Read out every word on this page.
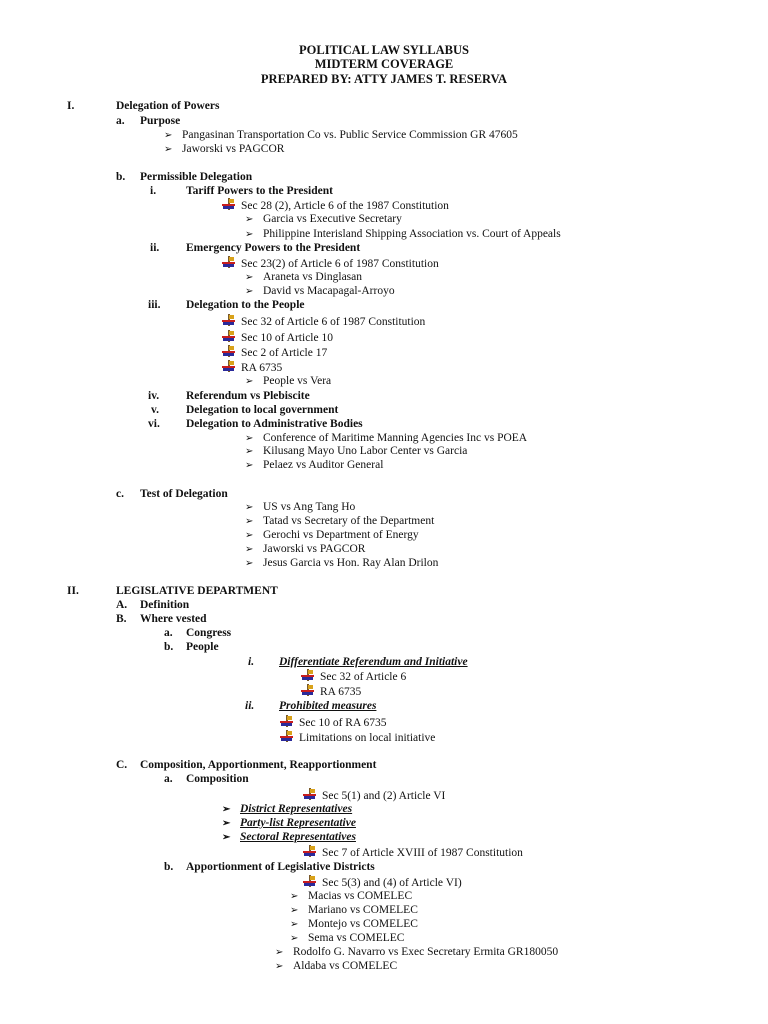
POLITICAL LAW SYLLABUS
MIDTERM COVERAGE
PREPARED BY: ATTY JAMES T. RESERVA
I.	Delegation of Powers
a. Purpose
➢ Pangasinan Transportation Co vs. Public Service Commission GR 47605
➢ Jaworski vs PAGCOR
b. Permissible Delegation
i.	Tariff Powers to the President
Sec 28 (2), Article 6 of the 1987 Constitution
➢ Garcia vs Executive Secretary
➢ Philippine Interisland Shipping Association vs. Court of Appeals
ii. Emergency Powers to the President
Sec 23(2) of Article 6 of 1987 Constitution
➢ Araneta vs Dinglasan
➢ David vs Macapagal-Arroyo
iii. Delegation to the People
Sec 32 of Article 6 of 1987 Constitution
Sec 10 of Article 10
Sec 2 of Article 17
RA 6735
➢ People vs Vera
iv. Referendum vs Plebiscite
v. Delegation to local government
vi. Delegation to Administrative Bodies
➢ Conference of Maritime Manning Agencies Inc vs POEA
➢ Kilusang Mayo Uno Labor Center vs Garcia
➢ Pelaez vs Auditor General
c. Test of Delegation
➢ US vs Ang Tang Ho
➢ Tatad vs Secretary of the Department
➢ Gerochi vs Department of Energy
➢ Jaworski vs PAGCOR
➢ Jesus Garcia vs Hon. Ray Alan Drilon
II.	LEGISLATIVE DEPARTMENT
A. Definition
B. Where vested
a. Congress
b. People
i. Differentiate Referendum and Initiative
Sec 32 of Article 6
RA 6735
ii. Prohibited measures
Sec 10 of RA 6735
Limitations on local initiative
C. Composition, Apportionment, Reapportionment
a. Composition
Sec 5(1) and (2) Article VI
➢ District Representatives
➢ Party-list Representative
➢ Sectoral Representatives
Sec 7 of Article XVIII of 1987 Constitution
b. Apportionment of Legislative Districts
Sec 5(3) and (4) of Article VI)
➢ Macias vs COMELEC
➢ Mariano vs COMELEC
➢ Montejo vs COMELEC
➢ Sema vs COMELEC
➢ Rodolfo G. Navarro vs Exec Secretary Ermita GR180050
➢ Aldaba vs COMELEC
